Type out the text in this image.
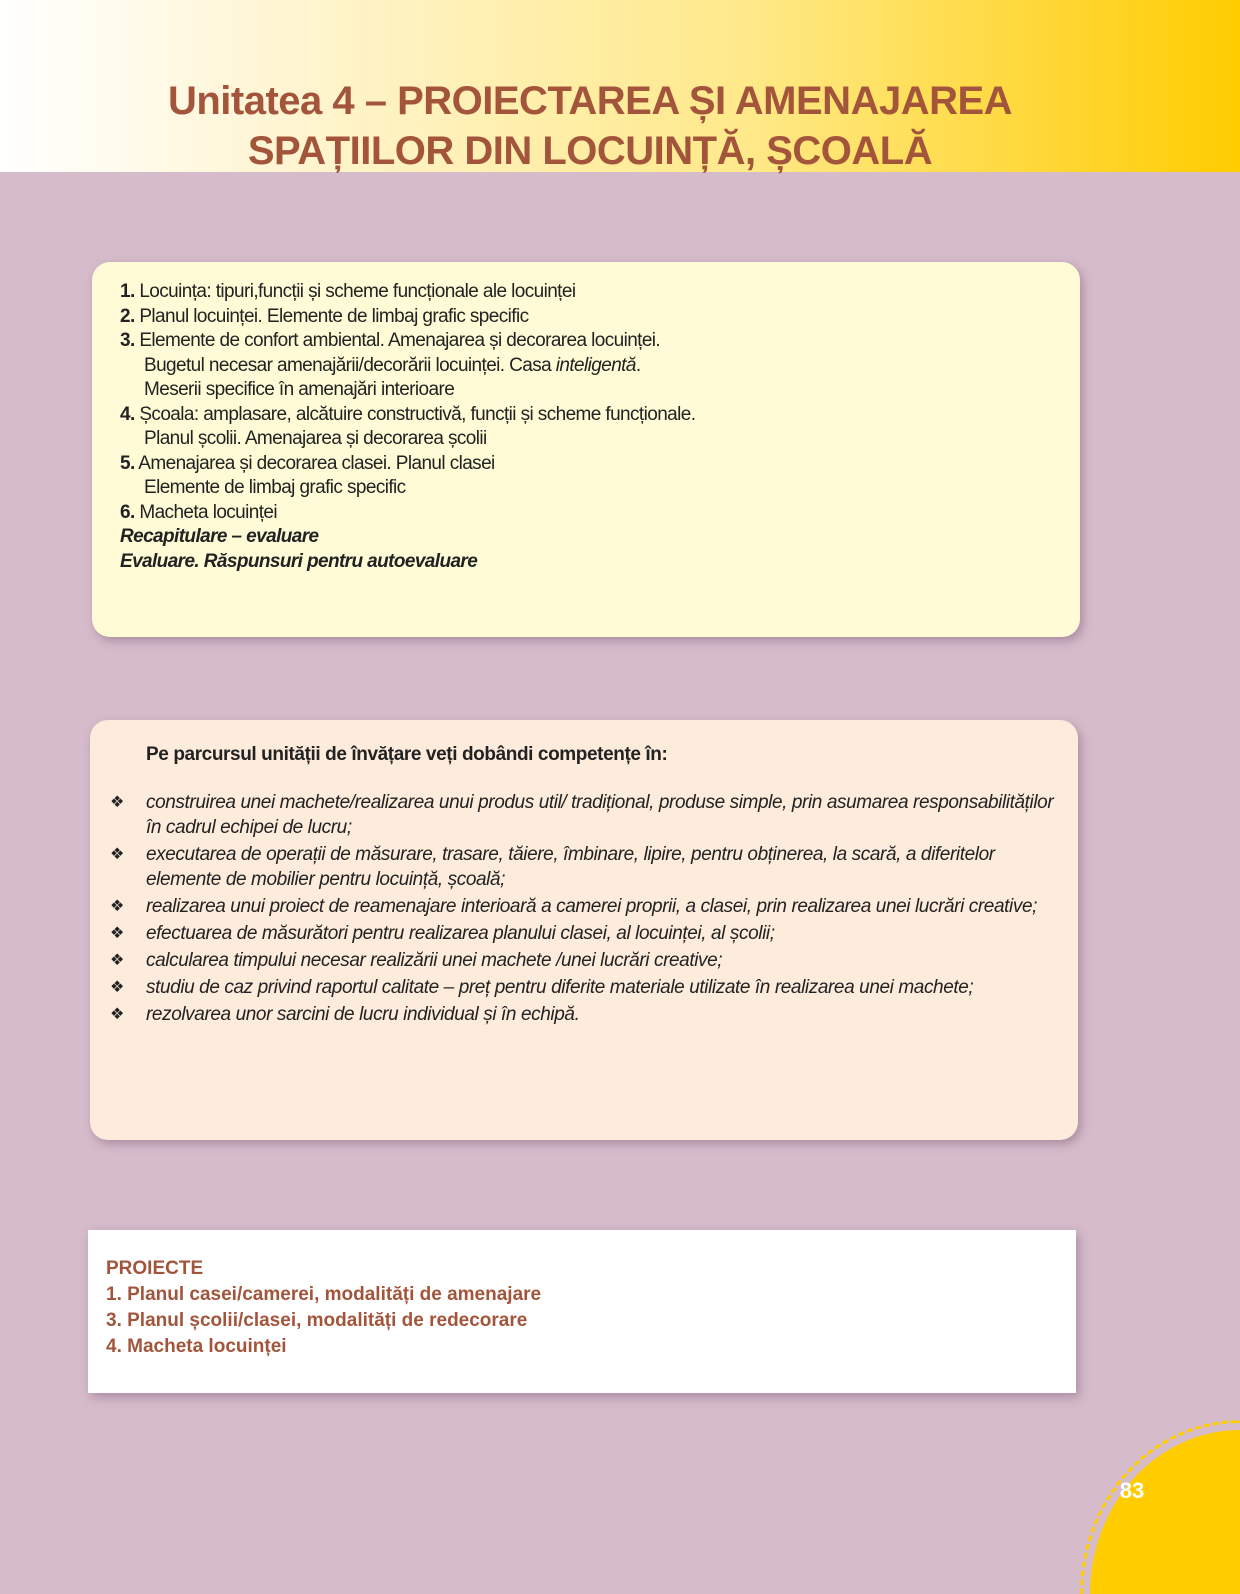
Unitatea 4 – PROIECTAREA ȘI AMENAJAREA
SPAȚIILOR DIN LOCUINȚĂ, ȘCOALĂ
1. Locuința: tipuri,funcții și scheme funcționale ale locuinței
2. Planul locuinței. Elemente de limbaj grafic specific
3. Elemente de confort ambiental. Amenajarea și decorarea locuinței.
Bugetul necesar amenajării/decorării locuinței. Casa inteligentă.
Meserii specifice în amenajări interioare
4. Școala: amplasare, alcătuire constructivă, funcții și scheme funcționale.
Planul școlii. Amenajarea și decorarea școlii
5. Amenajarea și decorarea clasei. Planul clasei
Elemente de limbaj grafic specific
6. Macheta locuinței
Recapitulare – evaluare
Evaluare. Răspunsuri pentru autoevaluare
Pe parcursul unității de învățare veți dobândi competențe în:
❖ construirea unei machete/realizarea unui produs util/ tradițional, produse simple, prin asumarea responsabilităților în cadrul echipei de lucru;
❖ executarea de operații de măsurare, trasare, tăiere, îmbinare, lipire, pentru obținerea, la scară, a diferitelor elemente de mobilier pentru locuință, școală;
❖ realizarea unui proiect de reamenajare interioară a camerei proprii, a clasei, prin realizarea unei lucrări creative;
❖ efectuarea de măsurători pentru realizarea planului clasei, al locuinței, al școlii;
❖ calcularea timpului necesar realizării unei machete /unei lucrări creative;
❖ studiu de caz privind raportul calitate – preț pentru diferite materiale utilizate în realizarea unei machete;
❖ rezolvarea unor sarcini de lucru individual și în echipă.
PROIECTE
1. Planul casei/camerei, modalități de amenajare
3. Planul școlii/clasei, modalități de redecorare
4. Macheta locuinței
83
